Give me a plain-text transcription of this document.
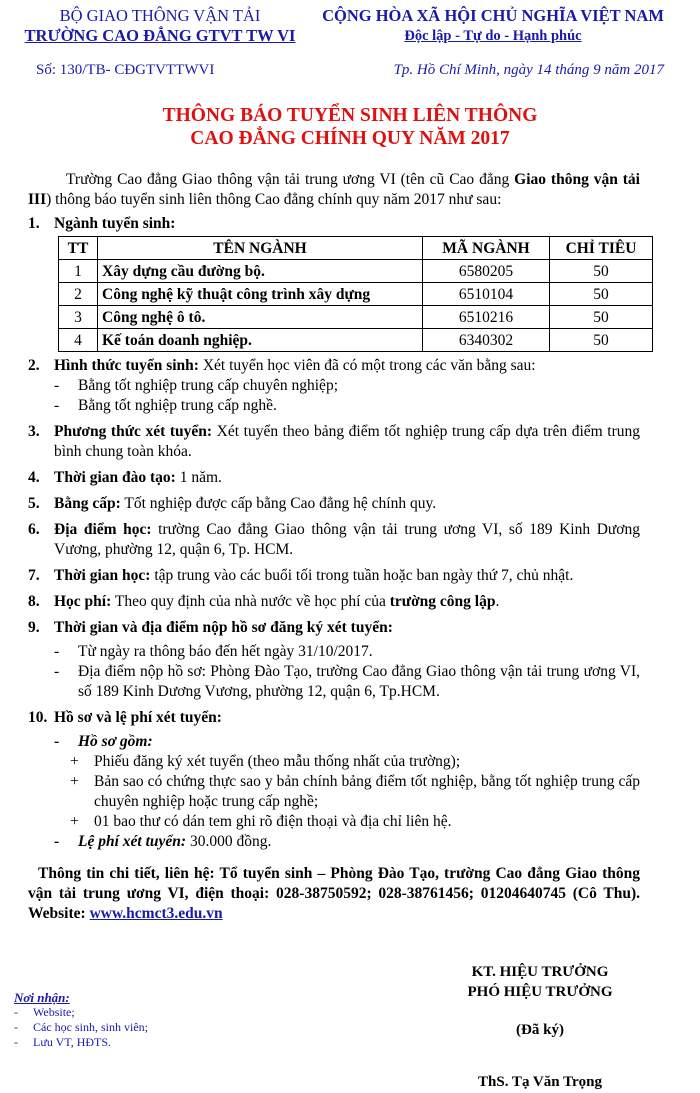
BỘ GIAO THÔNG VẬN TẢI
TRƯỜNG CAO ĐẲNG GTVT TW VI
CỘNG HÒA XÃ HỘI CHỦ NGHĨA VIỆT NAM
Độc lập - Tự do - Hạnh phúc
Số: 130/TB- CĐGTVTTWVI	Tp. Hồ Chí Minh, ngày 14 tháng 9 năm 2017
THÔNG BÁO TUYỂN SINH LIÊN THÔNG
CAO ĐẲNG CHÍNH QUY NĂM 2017

Trường Cao đẳng Giao thông vận tải trung ương VI (tên cũ Cao đẳng Giao thông vận tải III) thông báo tuyển sinh liên thông Cao đẳng chính quy năm 2017 như sau:

1. Ngành tuyển sinh:
TT	TÊN NGÀNH	MÃ NGÀNH	CHỈ TIÊU
1	Xây dựng cầu đường bộ.	6580205	50
2	Công nghệ kỹ thuật công trình xây dựng	6510104	50
3	Công nghệ ô tô.	6510216	50
4	Kế toán doanh nghiệp.	6340302	50
2. Hình thức tuyển sinh: Xét tuyển học viên đã có một trong các văn bằng sau:
- Bằng tốt nghiệp trung cấp chuyên nghiệp;
- Bằng tốt nghiệp trung cấp nghề.
3. Phương thức xét tuyển: Xét tuyển theo bảng điểm tốt nghiệp trung cấp dựa trên điểm trung bình chung toàn khóa.
4. Thời gian đào tạo: 1 năm.
5. Bằng cấp: Tốt nghiệp được cấp bằng Cao đẳng hệ chính quy.
6. Địa điểm học: trường Cao đẳng Giao thông vận tải trung ương VI, số 189 Kinh Dương Vương, phường 12, quận 6, Tp. HCM.
7. Thời gian học: tập trung vào các buổi tối trong tuần hoặc ban ngày thứ 7, chủ nhật.
8. Học phí: Theo quy định của nhà nước về học phí của trường công lập.
9. Thời gian và địa điểm nộp hồ sơ đăng ký xét tuyển:
- Từ ngày ra thông báo đến hết ngày 31/10/2017.
- Địa điểm nộp hồ sơ: Phòng Đào Tạo, trường Cao đẳng Giao thông vận tải trung ương VI, số 189 Kinh Dương Vương, phường 12, quận 6, Tp.HCM.
10. Hồ sơ và lệ phí xét tuyển:
- Hồ sơ gồm:
+ Phiếu đăng ký xét tuyển (theo mẫu thống nhất của trường);
+ Bản sao có chứng thực sao y bản chính bảng điểm tốt nghiệp, bằng tốt nghiệp trung cấp chuyên nghiệp hoặc trung cấp nghề;
+ 01 bao thư có dán tem ghi rõ điện thoại và địa chỉ liên hệ.
- Lệ phí xét tuyển: 30.000 đồng.

Thông tin chi tiết, liên hệ: Tổ tuyển sinh – Phòng Đào Tạo, trường Cao đẳng Giao thông vận tải trung ương VI, điện thoại: 028-38750592; 028-38761456; 01204640745 (Cô Thu). Website: www.hcmct3.edu.vn

KT. HIỆU TRƯỞNG
PHÓ HIỆU TRƯỞNG
(Đã ký)
ThS. Tạ Văn Trọng
Nơi nhận:
-     Website;
-     Các học sinh, sinh viên;
-     Lưu VT, HĐTS.
